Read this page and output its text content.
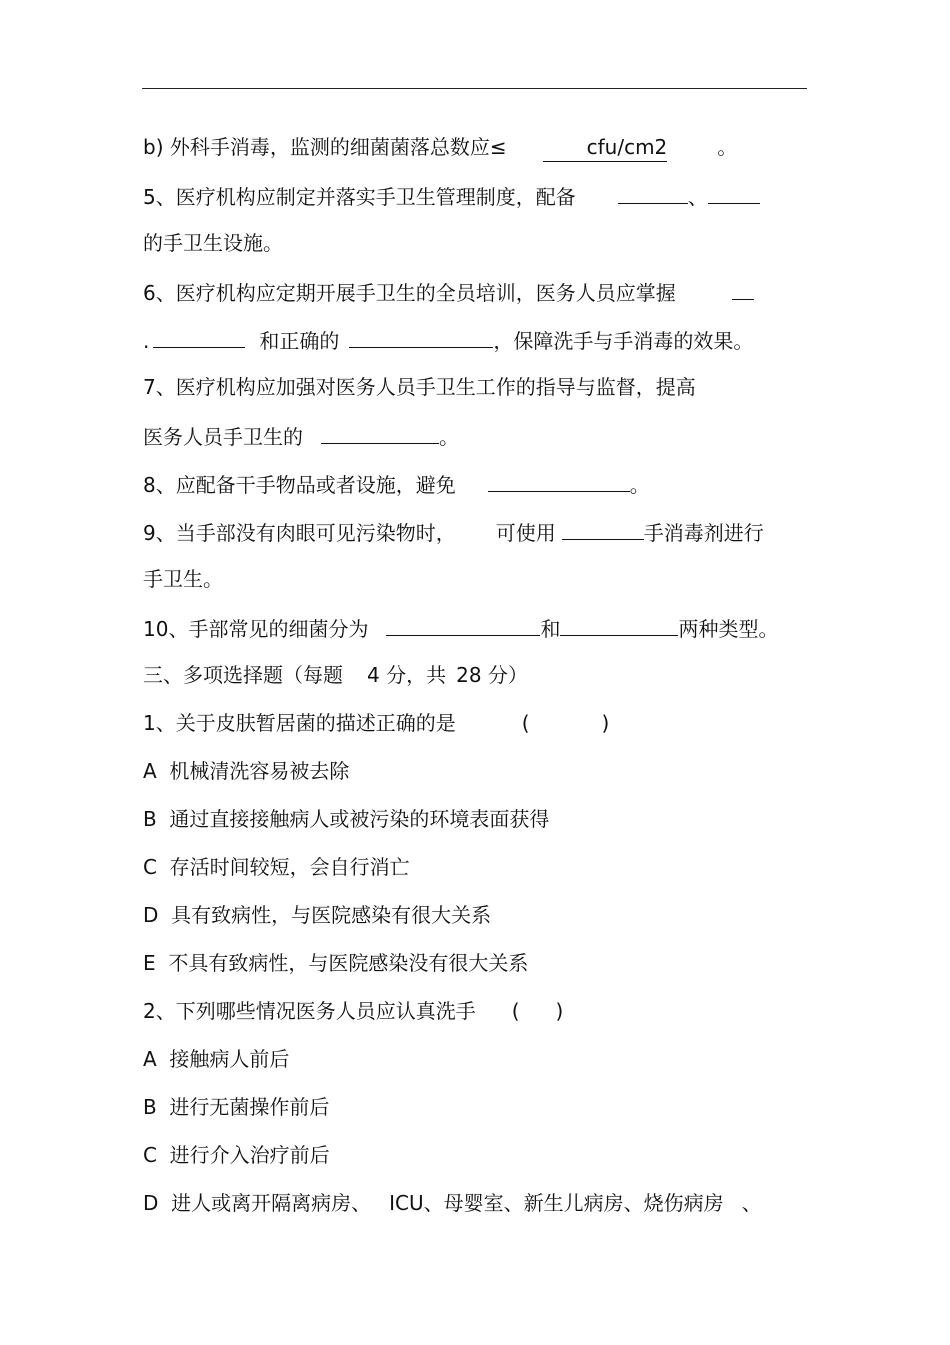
b) 外科手消毒，监测的细菌菌落总数应≤	cfu/cm2	。
5、医疗机构应制定并落实手卫生管理制度，配备	、
的手卫生设施。
6、医疗机构应定期开展手卫生的全员培训，医务人员应掌握
.	和正确的	，保障洗手与手消毒的效果。
7、医疗机构应加强对医务人员手卫生工作的指导与监督，提高
医务人员手卫生的	。
8、应配备干手物品或者设施，避免	。
9、当手部没有肉眼可见污染物时， 可使用	手消毒剂进行
手卫生。
10、手部常见的细菌分为	和	两种类型。
三、多项选择题（每题 4 分，共 28 分）
1、关于皮肤暂居菌的描述正确的是	(	)
A  机械清洗容易被去除
B  通过直接接触病人或被污染的环境表面获得
C  存活时间较短，会自行消亡
D  具有致病性，与医院感染有很大关系
E  不具有致病性，与医院感染没有很大关系
2、下列哪些情况医务人员应认真洗手 ( )
A  接触病人前后
B  进行无菌操作前后
C  进行介入治疗前后
D  进人或离开隔离病房、 ICU、母婴室、新生儿病房、烧伤病房 、
